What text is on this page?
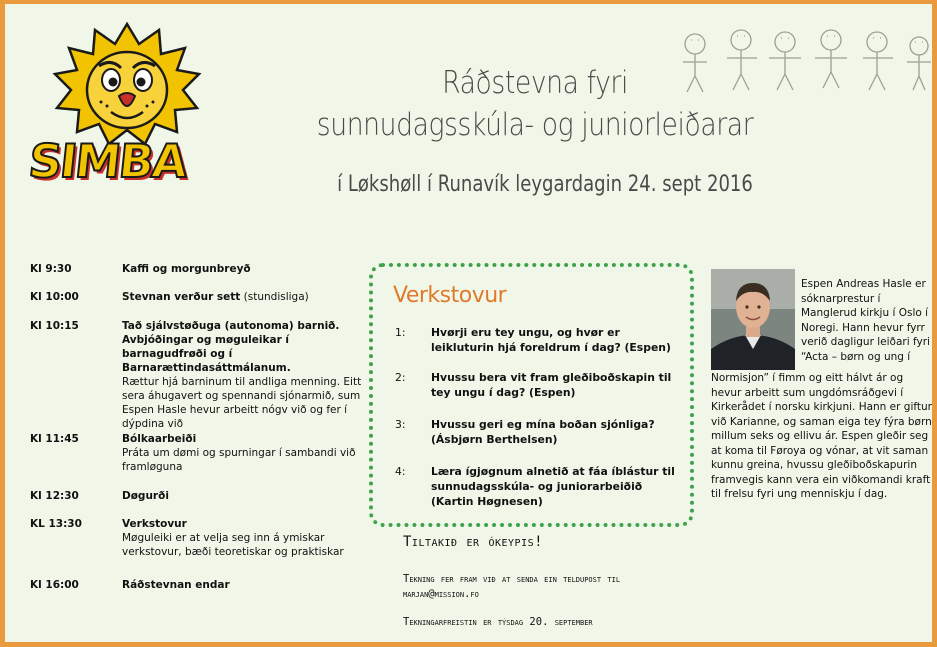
SIMBA
Ráðstevna fyri
sunnudagsskúla- og juniorleiðarar
í Løkshøll í Runavík leygardagin 24. sept 2016
Kl 9:30	Kaffi og morgunbreyð
Kl 10:00	Stevnan verður sett (stundisliga)
Kl 10:15	Tað sjálvstøðuga (autonoma) barnið. Avbjóðingar og møguleikar í barnagudfrøði og í Barnarættindasáttmálanum.
Rættur hjá barninum til andliga menning. Eitt sera áhugavert og spennandi sjónarmið, sum Espen Hasle hevur arbeitt nógv við og fer í dýpdina við
Kl 11:45	Bólkaarbeiði
Práta um dømi og spurningar í sambandi við framløguna
Kl 12:30	Døgurði
KL 13:30	Verkstovur
Møguleiki er at velja seg inn á ymiskar verkstovur, bæði teoretiskar og praktiskar
Kl 16:00	Ráðstevnan endar
Verkstovur
1: Hvørji eru tey ungu, og hvør er leikluturin hjá foreldrum í dag? (Espen)
2: Hvussu bera vit fram gleðiboðskapin til tey ungu í dag? (Espen)
3: Hvussu geri eg mína boðan sjónliga? (Ásbjørn Berthelsen)
4: Læra ígjøgnum alnetið at fáa íblástur til sunnudagsskúla- og juniorarbeiðið (Kartin Høgnesen)
Tiltakið er ókeypis!
Tekning fer fram við at senda ein teldupost til marjan@mission.fo
Tekningarfreistin er týsdag 20. september
Espen Andreas Hasle er sóknarprestur í Manglerud kirkju í Oslo í Noregi. Hann hevur fyrr verið dagligur leiðari fyri “Acta – børn og ung í
Normisjon” í fimm og eitt hálvt ár og hevur arbeitt sum ungdómsráðgevi í Kirkerådet í norsku kirkjuni. Hann er giftur við Karianne, og saman eiga tey fýra børn millum seks og ellivu ár. Espen gleðir seg at koma til Føroya og vónar, at vit saman kunnu greina, hvussu gleðiboðskapurin framvegis kann vera ein viðkomandi kraft til frelsu fyri ung menniskju í dag.
